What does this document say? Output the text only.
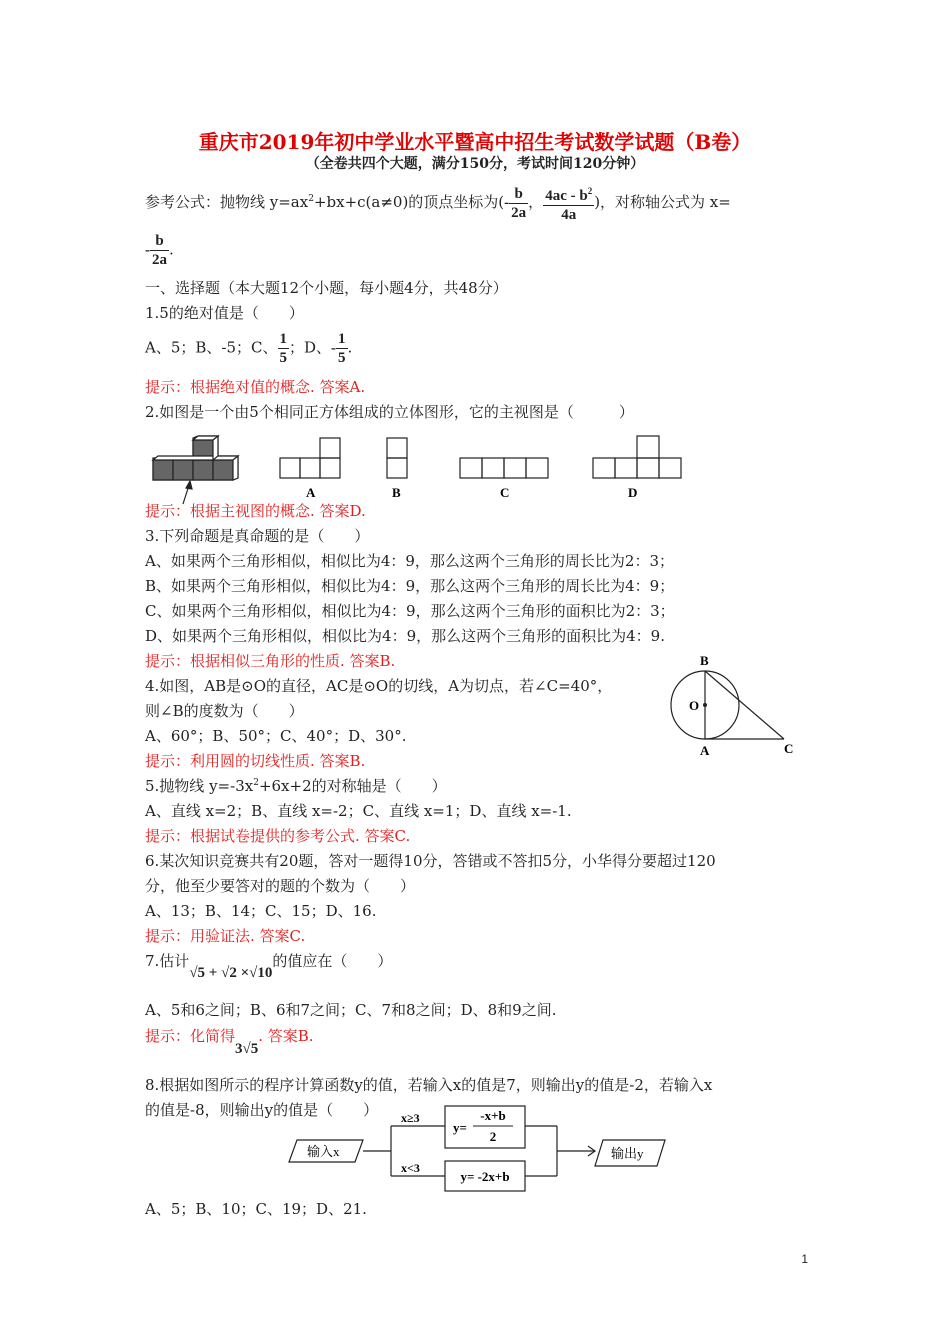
重庆市2019年初中学业水平暨高中招生考试数学试题（B卷）
（全卷共四个大题，满分150分，考试时间120分钟）
参考公式：抛物线 $y=ax^2+bx+c(a\ne 0)$的顶点坐标为(- $\frac{b}{2a}$ ， $\frac{4ac - b^2}{4a}$ )，对称轴公式为 x=
- $\frac{b}{2a}$ .
一、选择题（本大题12个小题，每小题4分，共48分）
1.5的绝对值是（　　）
A、5；B、-5；C、 $\frac{1}{5}$ ；D、- $\frac{1}{5}$ .
提示：根据绝对值的概念. 答案A.
2.如图是一个由5个相同正方体组成的立体图形，它的主视图是（　　　）
A	B	C	D
提示：根据主视图的概念. 答案D.
3.下列命题是真命题的是（　　）
A、如果两个三角形相似，相似比为4：9，那么这两个三角形的周长比为2：3；
B、如果两个三角形相似，相似比为4：9，那么这两个三角形的周长比为4：9；
C、如果两个三角形相似，相似比为4：9，那么这两个三角形的面积比为2：3；
D、如果两个三角形相似，相似比为4：9，那么这两个三角形的面积比为4：9.
提示：根据相似三角形的性质. 答案B.
4.如图，AB是⊙O的直径，AC是⊙O的切线，A为切点，若∠C=40°，
则∠B的度数为（　　）
A、60°；B、50°；C、40°；D、30°.
提示：利用圆的切线性质. 答案B.
B
O
A	C
5.抛物线 $y=-3x^2+6x+2$的对称轴是（　　）
A、直线 x=2；B、直线 x=-2；C、直线 x=1；D、直线 x=-1.
提示：根据试卷提供的参考公式. 答案C.
6.某次知识竞赛共有20题，答对一题得10分，答错或不答扣5分，小华得分要超过120
分，他至少要答对的题的个数为（　　）
A、13；B、14；C、15；D、16.
提示：用验证法. 答案C.
7.估计√5 + √2 ×√10的值应在（　　）
A、5和6之间；B、6和7之间；C、7和8之间；D、8和9之间.
提示：化简得3√5. 答案B.
8.根据如图所示的程序计算函数y的值，若输入x的值是7，则输出y的值是-2，若输入x
的值是-8，则输出y的值是（　　）
输入x
x≥3
x<3
y=
-x+b
2
y= -2x+b
输出y
A、5；B、10；C、19；D、21.
1
